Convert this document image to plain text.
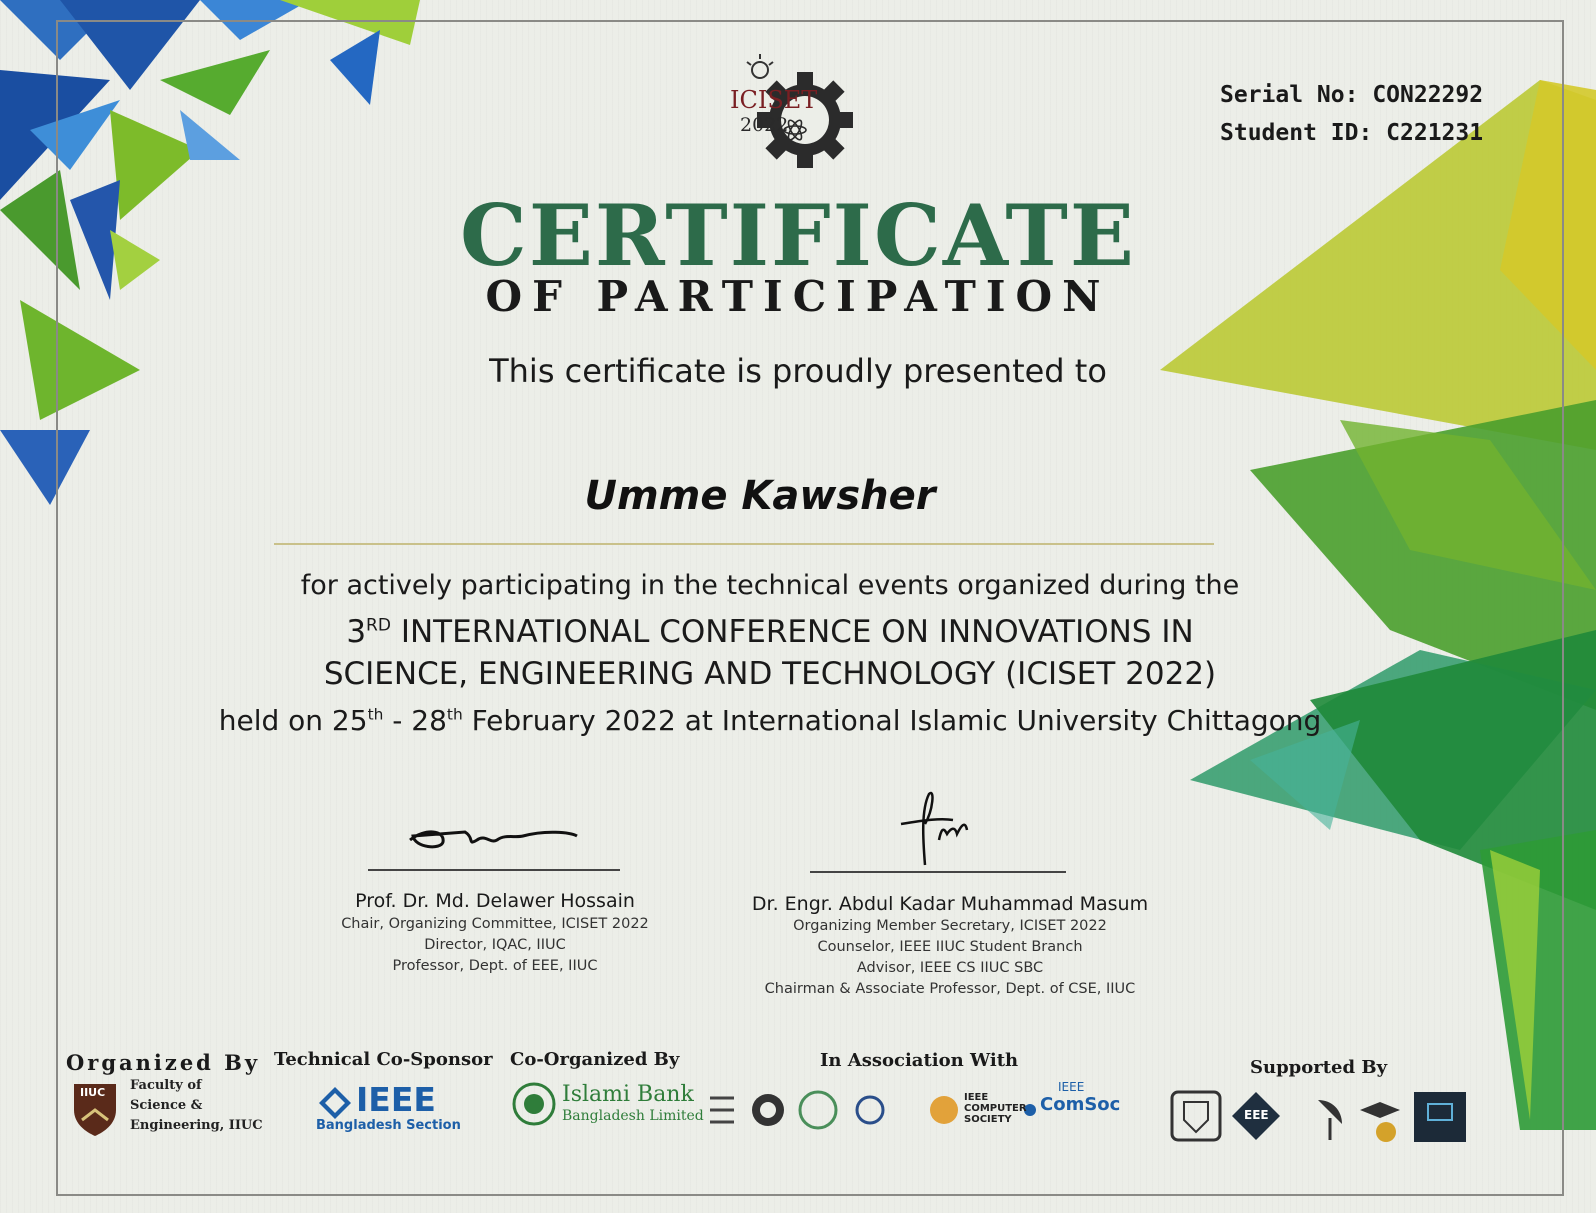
ICISET
2022
Serial No: CON22292
Student ID: C221231
CERTIFICATE
OF PARTICIPATION
This certificate is proudly presented to
Umme Kawsher
for actively participating in the technical events organized during the
3RD INTERNATIONAL CONFERENCE ON INNOVATIONS IN
SCIENCE, ENGINEERING AND TECHNOLOGY (ICISET 2022)
held on 25th - 28th February 2022 at International Islamic University Chittagong
Prof. Dr. Md. Delawer Hossain
Chair, Organizing Committee, ICISET 2022
Director, IQAC, IIUC
Professor, Dept. of EEE, IIUC
Dr. Engr. Abdul Kadar Muhammad Masum
Organizing Member Secretary, ICISET 2022
Counselor, IEEE IIUC Student Branch
Advisor, IEEE CS IIUC SBC
Chairman & Associate Professor, Dept. of CSE, IIUC
Organized By
IIUC Faculty of
Science &
Engineering, IIUC
Technical Co-Sponsor
IEEE
Bangladesh Section
Co-Organized By
Islami Bank
Bangladesh Limited
In Association With
IEEE
COMPUTER
SOCIETY
IEEE
ComSoc
Supported By
EEE
